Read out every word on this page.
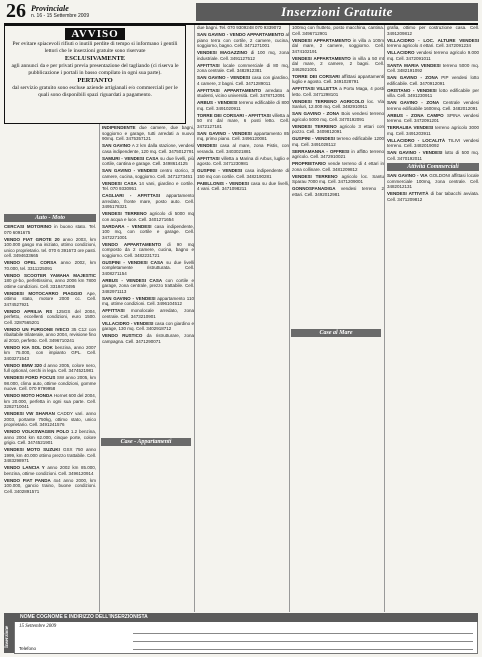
26 Provinciale
n. 16 - 15 Settembre 2009	Inserzioni Gratuite
AVVISO
Per evitare spiacevoli rifiuti o inutili perdite di tempo si informano i gentili lettori che le inserzioni gratuite sono riservate
ESCLUSIVAMENTE
agli annunci da e per privati previa presentazione del tagliando (ci riserva le pubblicazione i portali in basso compilato in ogni sua parte).
PERTANTO
dal servizio gratuito sono escluse aziende artigianali e/o commerciali per le quali sono disponibili spazi riguardati a pagamento.
Auto - Moto

CERCASI MOTORINO in buono stato. Tel. 070 6091675

VENDO FIAT GROTE 20 anno 2003, km 100.000 gasgo ma iniziato, ottimo condizioni, unico proprietario. tel. 070 6 391673 ore pasti. cell. 3494633665

VENDO OPEL CORSA anno 2002, km 70.000, tel. 3311225091

VENDO SCOOTER YAMAHA MAJESTIC 180 gr-bo, perfettissimo, anno 2006 km 7800 ottime condizioni. Cell. 3318473495

VENDESI MOTOCARRO PIAGGIO Ape, ottimo stato, motore 2000 cc. Cell. 3474527921

VENDO APRILIA RS 125GS del 2004, perfetto, eccellenti condizioni, euro 1500. Cell. 3287565201

VENDO UN FURGONE IVECO 35 C12 con ribaltabile trilaterale, anno 2004, revisione fino al 2010, perfetto. Cell. 3496710241

VENDO KIA SOL DOK benzina, anno 2007 km 75.000, con impianto GPL. Cell. 3403271543

VENDO BMW 320 d anno 2005, colore nero, full optional, cerchi in lega. Cell. 3474521981

VENDESI FORD FOCUS SW anno 2005, km 98.000, clima auto, ottime condizioni, gomme nuove. Cell. 070 9799958

VENDO MOTO HONDA Hornet 600 del 2004, km 20.000, perfetta in ogni sua parte. Cell. 3282710041

VENDESI VW SHARAN CADDY vari. anno 2003, portante 750kg, ottimo stato, unico proprietario. Cell. 3491241576

VENDO VOLKSWAGEN POLO 1.2 benzina, anno 2004 km 62.000, cinque porte, colore grigio. Cell. 3474521901

VENDESI MOTO SUZUKI GSX 750 anno 1999, km 40.000 ottimo prezzo trattabile. Cell. 3483298971

VENDO LANCIA Y anno 2002 km 85.000, benzina, ottime condizioni. Cell. 3496120914

VENDO FIAT PANDA 4x4 anno 2000, km 100.000, gancio traino, buone condizioni. Cell. 3402891571

INDIPENDENTE due camere, due bagni, soggiorno e garage, tutti arredati a nuovo 90mq. Cell. 3475357121

SAN GAVINO A 2 km dalla stazione, vendesi casa indipendente, 120 mq. Cell. 3475012791

SAMURI - VENDESI CASA su due livelli, più cortile, cantina e garage. Cell. 3498614125

SAN GAVINO - VENDESI centro storico, 3 camere, cucina, soggiorno. Cell. 3471273451

VENDESI CASA 14 vani, giardino e cortile. Tel. 070 9330951

CAGLIARI - AFFITTASI appartamento arredato, fronte mare, posto auto. Cell. 3495178321

VENDESI TERRENO agricolo di 5000 mq con acqua e luce. Cell. 3401271654

SARDARA - VENDESI casa indipendente, 100 mq, con cortile e garage. Cell. 3472271001

VENDO APPARTAMENTO di 90 mq composto da 2 camere, cucina, bagno e soggiorno. Cell. 3482231721

GUSPINI - VENDESI CASA su due livelli completamente ristrutturata. Cell. 3408271154

ARBUS - VENDESI CASA con cortile e garage, zona centrale, prezzo trattabile. Cell. 3482971113

SAN GAVINO - VENDESI appartamento 110 mq, ottime condizioni. Cell. 3496104512

AFFITTASI monolocale arredato, zona centrale. Cell. 3473210901

VILLACIDRO - VENDESI casa con giardino e garage, 130 mq. Cell. 3402918712

VENDO RUSTICO da ristrutturare, zona campagna. Cell. 3471290071

due bagni. Tel. 070 9309248 070 9339072

SAN GAVINO - VENDO APPARTAMENTO al piano terra con cortile, 2 camere, cucina, soggiorno, bagno. Cell. 3471271001

VENDESI MAGAZZINO di 100 mq, zona industriale. Cell. 3491127512

AFFITTASI locale commerciale di 80 mq, zona centrale. Cell. 3482912381

SAN GAVINO - VENDESI casa con giardino, 4 camere, 2 bagni. Cell. 3471289011

AFFITTASI APPARTAMENTO arredato a studenti, vicino università. Cell. 3478712091

ARBUS - VENDESI terreno edificabile di 800 mq. Cell. 3491020911

TORRE DEI CORSARI - AFFITTASI villetta a 50 mt dal mare, 6 posti letto. Cell. 3472127181

SAN GAVINO - VENDESI appartamento 85 mq, primo piano. Cell. 3496120081

VENDESI casa al mare, zona Pistis, con veranda. Cell. 3403021881

AFFITTASI villetta a Marina di Arbus, luglio e agosto. Cell. 3471230981

GUSPINI - VENDESI casa indipendente di 150 mq con cortile. Cell. 3482190281

PABILLONIS - VENDESI casa su due livelli, 4 vani. Cell. 3471098211

100mq con frutteto, posto macchina, cantina. Cell. 3496712901

VENDESI APPARTAMENTO in villa a 100m dal mare, 2 camere, soggiorno. Cell. 3474102191

VENDESI APPARTAMENTO in villa a 50 mt dal mare, 2 camere, 2 bagni. Cell. 3462921001

TORRE DEI CORSARI affittasi appartamenti luglio e agosto. Cell. 3491028791

AFFITTASI VILLETTA a Portu Maga, 4 posti letto. Cell. 3471298101

VENDESI TERRENO AGRICOLO loc. Via Sanluri, 12.000 mq. Cell. 3482910911

SAN GAVINO - ZONA Bois vendesi terreno agricolo 5000 mq. Cell. 3470192091

VENDESI TERRENO agricolo 3 ettari con pozzo. Cell. 3409812091

GUSPINI - VENDESI terreno edificabile 1200 mq. Cell. 3491028112

SERRAMANNA - OFFRESI in affitto terreno agricolo. Cell. 3472910021

PROPRIETARIO vende terreno di 4 ettari in zona collinare. Cell. 3481209812

VENDESI TERRENO agricolo loc. Santu Sparau 7000 mq. Cell. 3471209001

GONNOSFANADIGA vendesi terreno 2 ettari. Cell. 3492012981

grafia, ottimo per costruzione casa. Cell. 3491209812

VILLACIDRO - LOC. ALTURE VENDESI terreno agricolo 4 ettari. Cell. 3472091234

VILLACIDRO vendesi terreno agricolo 9.000 mq. Cell. 3472091011

SANTA MARIA VENDESI terreno 5000 mq. Cell. 3482191092

SAN GAVINO - ZONA PIP vendesi lotto edificabile. Cell. 3470912091

ORISTANO - VENDESI lotto edificabile per villa. Cell. 3491230911

SAN GAVINO - ZONA Centrale vendesi terreno edificabile 1600mq. Cell. 3482012091

ARBUS - ZONA CAMPO SPINA vendesi terreno. Cell. 3472091201

TERRALBA VENDESI terreno agricolo 3000 mq. Cell. 3491203911

VILLACIDRO - LOCALITÀ TILIVI vendesi terreno. Cell. 3482019092

SAN GAVINO - VENDESI lotto di 500 mq. Cell. 3470192011

Attività Commerciali

SAN GAVINO - VIA GOLDONI affittasi locale commerciale 100mq, zona centrale. Cell. 3482012131

VENDESI ATTIVITÀ di bar tabacchi avviata. Cell. 3471209812

Case - Appartamenti
Case al Mare
Inserzione
NOME COGNOME E INDIRIZZO DELL'INSERZIONISTA
15 Settembre 2009
Telefono
